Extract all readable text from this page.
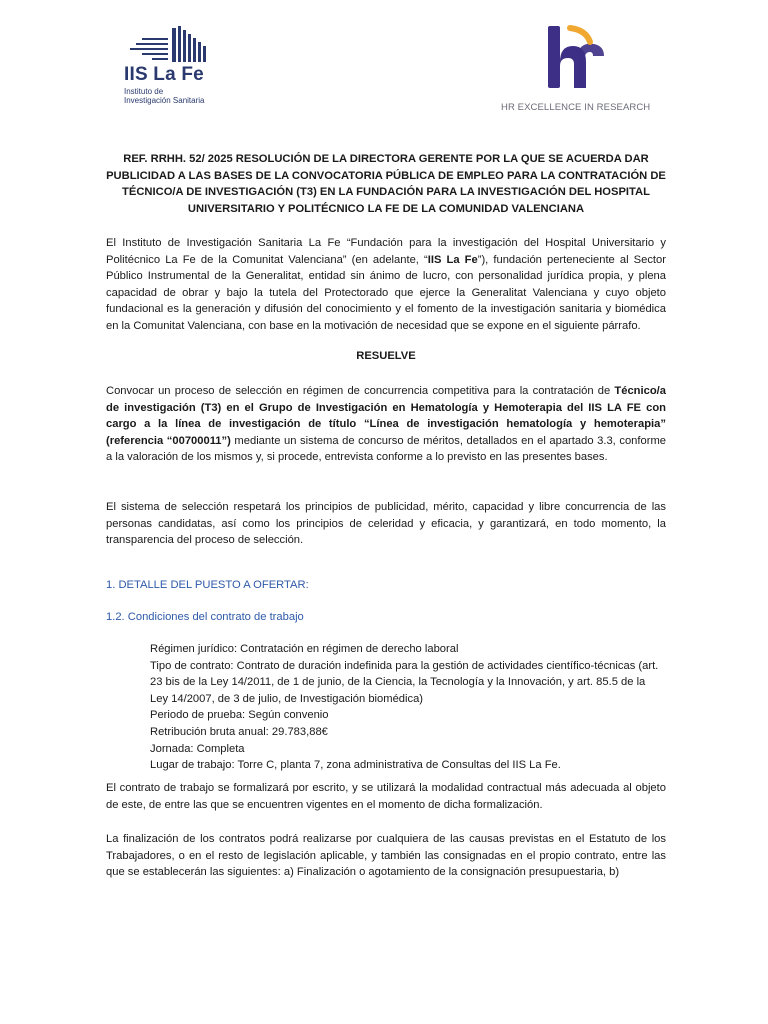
IIS La Fe
Instituto de
Investigación Sanitaria
HR EXCELLENCE IN RESEARCH
REF. RRHH. 52/ 2025 RESOLUCIÓN DE LA DIRECTORA GERENTE POR LA QUE SE ACUERDA DAR PUBLICIDAD A LAS BASES DE LA CONVOCATORIA PÚBLICA DE EMPLEO PARA LA CONTRATACIÓN DE TÉCNICO/A DE INVESTIGACIÓN (T3) EN LA FUNDACIÓN PARA LA INVESTIGACIÓN DEL HOSPITAL UNIVERSITARIO Y POLITÉCNICO LA FE DE LA COMUNIDAD VALENCIANA
El Instituto de Investigación Sanitaria La Fe “Fundación para la investigación del Hospital Universitario y Politécnico La Fe de la Comunitat Valenciana” (en adelante, “IIS La Fe”), fundación perteneciente al Sector Público Instrumental de la Generalitat, entidad sin ánimo de lucro, con personalidad jurídica propia, y plena capacidad de obrar y bajo la tutela del Protectorado que ejerce la Generalitat Valenciana y cuyo objeto fundacional es la generación y difusión del conocimiento y el fomento de la investigación sanitaria y biomédica en la Comunitat Valenciana, con base en la motivación de necesidad que se expone en el siguiente párrafo.
RESUELVE
Convocar un proceso de selección en régimen de concurrencia competitiva para la contratación de Técnico/a de investigación (T3) en el Grupo de Investigación en Hematología y Hemoterapia del IIS LA FE con cargo a la línea de investigación de título “Línea de investigación hematología y hemoterapia” (referencia “00700011”) mediante un sistema de concurso de méritos, detallados en el apartado 3.3, conforme a la valoración de los mismos y, si procede, entrevista conforme a lo previsto en las presentes bases.
El sistema de selección respetará los principios de publicidad, mérito, capacidad y libre concurrencia de las personas candidatas, así como los principios de celeridad y eficacia, y garantizará, en todo momento, la transparencia del proceso de selección.
1. DETALLE DEL PUESTO A OFERTAR:
1.2. Condiciones del contrato de trabajo
Régimen jurídico: Contratación en régimen de derecho laboral
Tipo de contrato: Contrato de duración indefinida para la gestión de actividades científico-técnicas (art. 23 bis de la Ley 14/2011, de 1 de junio, de la Ciencia, la Tecnología y la Innovación, y art. 85.5 de la Ley 14/2007, de 3 de julio, de Investigación biomédica)
Periodo de prueba: Según convenio
Retribución bruta anual: 29.783,88€
Jornada: Completa
Lugar de trabajo: Torre C, planta 7, zona administrativa de Consultas del IIS La Fe.
El contrato de trabajo se formalizará por escrito, y se utilizará la modalidad contractual más adecuada al objeto de este, de entre las que se encuentren vigentes en el momento de dicha formalización.
La finalización de los contratos podrá realizarse por cualquiera de las causas previstas en el Estatuto de los Trabajadores, o en el resto de legislación aplicable, y también las consignadas en el propio contrato, entre las que se establecerán las siguientes: a) Finalización o agotamiento de la consignación presupuestaria, b)
